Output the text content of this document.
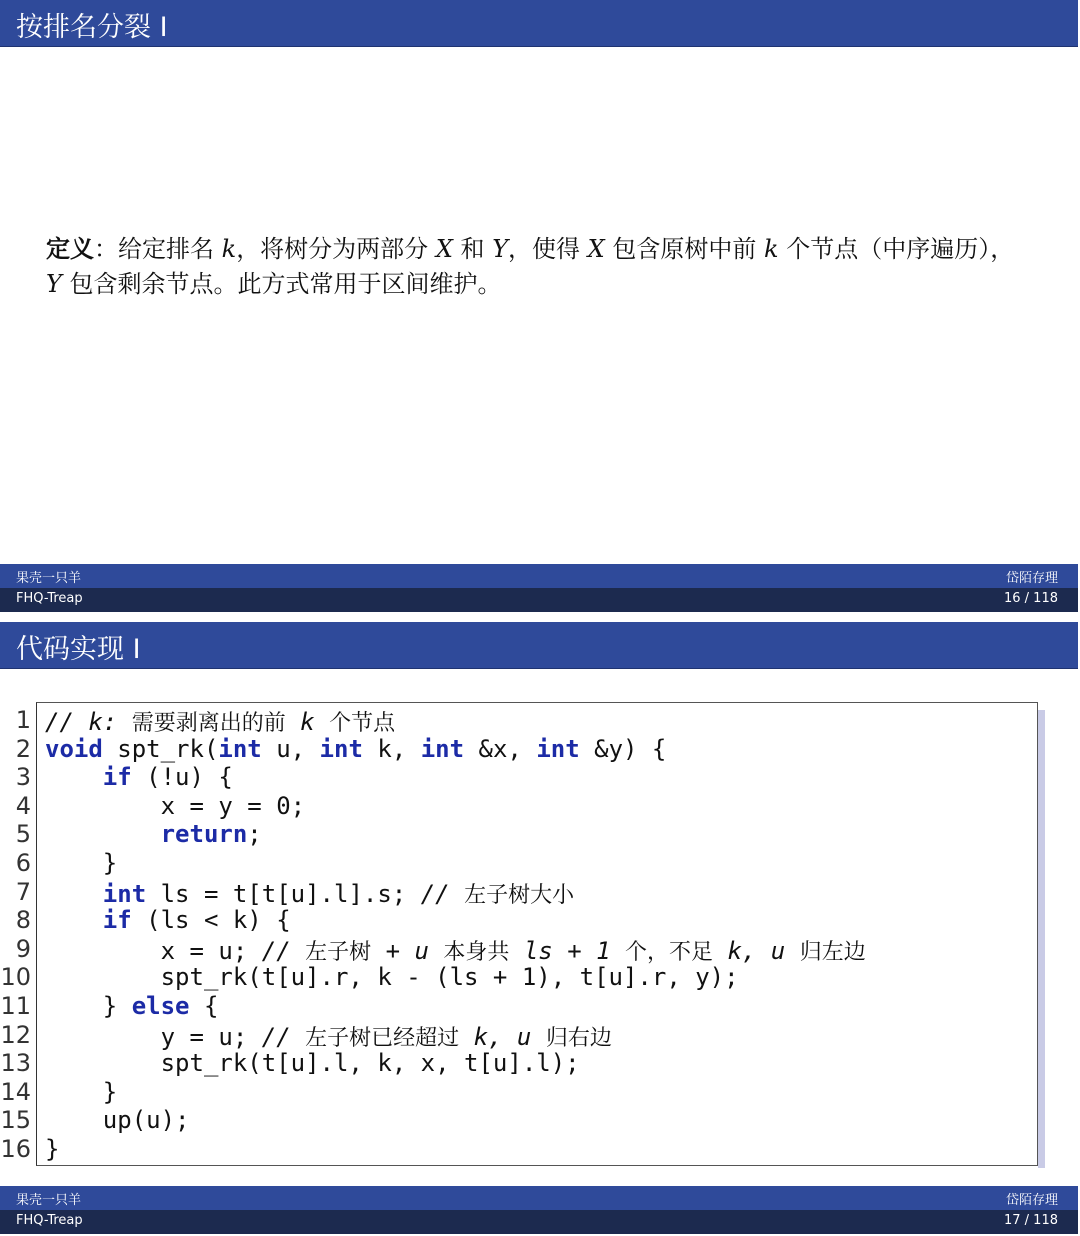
按排名分裂 I
定义：给定排名 k，将树分为两部分 X 和 Y，使得 X 包含原树中前 k 个节点（中序遍历），
Y 包含剩余节点。此方式常用于区间维护。
果壳一只羊	岱陌存理
FHQ-Treap	16 / 118
代码实现 I
1 // k: 需要剥离出的前 k 个节点
2 void spt_rk(int u, int k, int &x, int &y) {
3	if (!u) {
4 x = y = 0;
5	return;
6 }
7	int ls = t[t[u].l].s; // 左子树大小
8	if (ls < k) {
9 x = u; // 左子树 + u 本身共 ls + 1 个，不足 k, u 归左边
10 spt_rk(t[u].r, k - (ls + 1), t[u].r, y);
11 } else {
12 y = u; // 左子树已经超过 k, u 归右边
13 spt_rk(t[u].l, k, x, t[u].l);
14 }
15 up(u);
16 }
果壳一只羊	岱陌存理
FHQ-Treap	17 / 118
